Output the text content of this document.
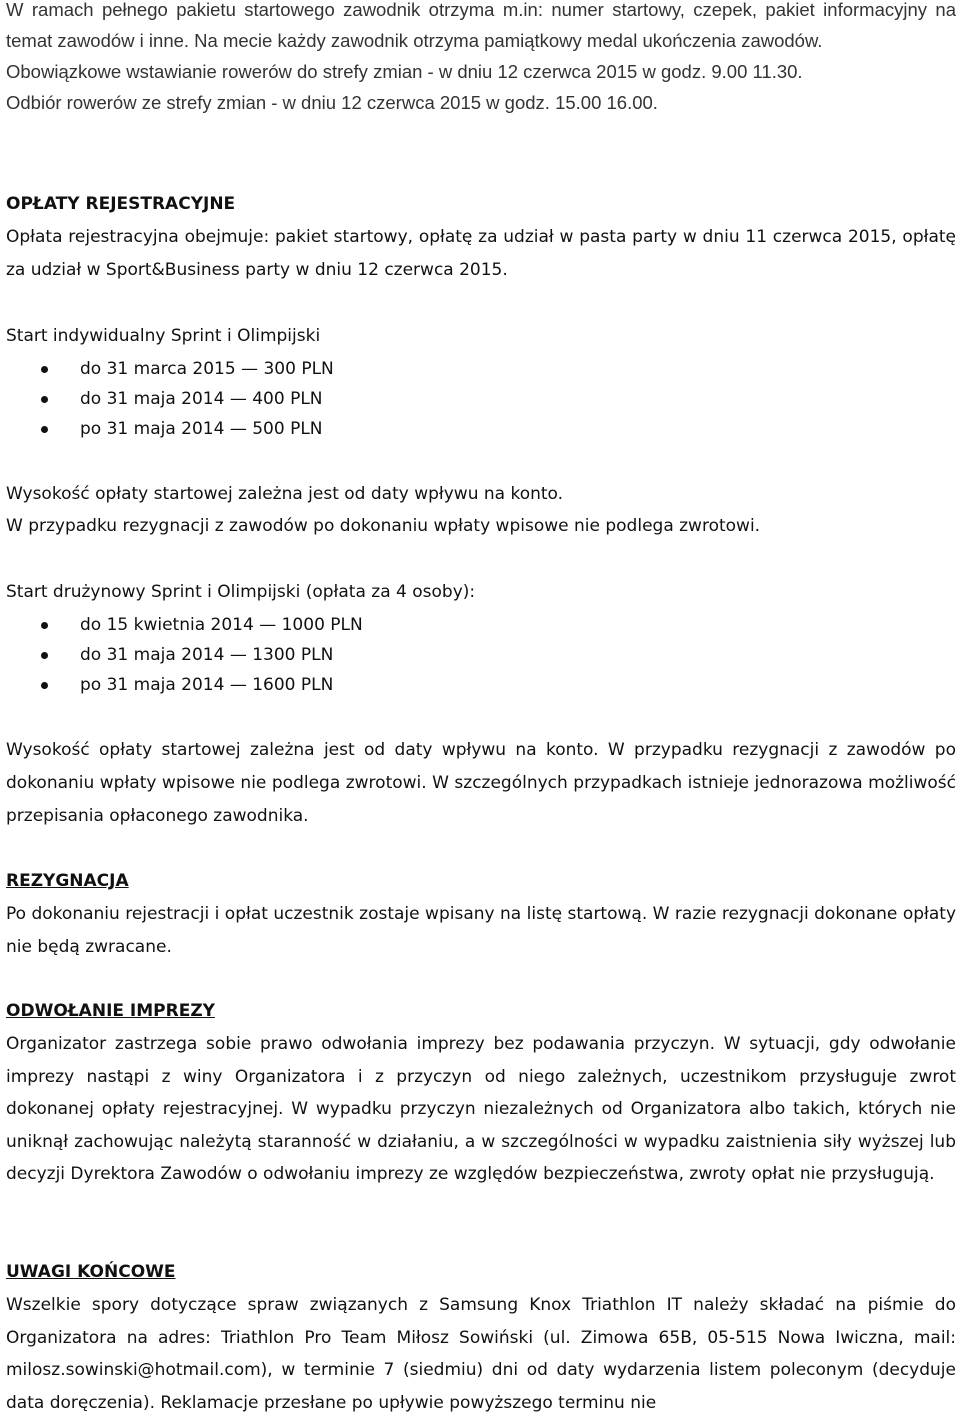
W ramach pełnego pakietu startowego zawodnik otrzyma m.in: numer startowy, czepek, pakiet informacyjny na temat zawodów i inne. Na mecie każdy zawodnik otrzyma pamiątkowy medal ukończenia zawodów.

Obowiązkowe wstawianie rowerów do strefy zmian - w dniu 12 czerwca 2015 w godz. 9.00 11.30.

Odbiór rowerów ze strefy zmian - w dniu 12 czerwca 2015 w godz. 15.00 16.00.

OPŁATY REJESTRACYJNE

Opłata rejestracyjna obejmuje: pakiet startowy, opłatę za udział w pasta party w dniu 11 czerwca 2015, opłatę za udział w Sport&Business party w dniu 12 czerwca 2015.

Start indywidualny Sprint i Olimpijski

do 31 marca 2015 — 300 PLN
do 31 maja 2014 — 400 PLN
po 31 maja 2014 — 500 PLN

Wysokość opłaty startowej zależna jest od daty wpływu na konto.

W przypadku rezygnacji z zawodów po dokonaniu wpłaty wpisowe nie podlega zwrotowi.

Start drużynowy Sprint i Olimpijski (opłata za 4 osoby):

do 15 kwietnia 2014 — 1000 PLN
do 31 maja 2014 — 1300 PLN
po 31 maja 2014 — 1600 PLN

Wysokość opłaty startowej zależna jest od daty wpływu na konto. W przypadku rezygnacji z zawodów po dokonaniu wpłaty wpisowe nie podlega zwrotowi. W szczególnych przypadkach istnieje jednorazowa możliwość przepisania opłaconego zawodnika.

REZYGNACJA

Po dokonaniu rejestracji i opłat uczestnik zostaje wpisany na listę startową. W razie rezygnacji dokonane opłaty nie będą zwracane.

ODWOŁANIE IMPREZY

Organizator zastrzega sobie prawo odwołania imprezy bez podawania przyczyn. W sytuacji, gdy odwołanie imprezy nastąpi z winy Organizatora i z przyczyn od niego zależnych, uczestnikom przysługuje zwrot dokonanej opłaty rejestracyjnej. W wypadku przyczyn niezależnych od Organizatora albo takich, których nie uniknął zachowując należytą staranność w działaniu, a w szczególności w wypadku zaistnienia siły wyższej lub decyzji Dyrektora Zawodów o odwołaniu imprezy ze względów bezpieczeństwa, zwroty opłat nie przysługują.

UWAGI KOŃCOWE

Wszelkie spory dotyczące spraw związanych z Samsung Knox Triathlon IT należy składać na piśmie do Organizatora na adres: Triathlon Pro Team Miłosz Sowiński (ul. Zimowa 65B, 05-515 Nowa Iwiczna, mail: milosz.sowinski@hotmail.com), w terminie 7 (siedmiu) dni od daty wydarzenia listem poleconym (decyduje data doręczenia). Reklamacje przesłane po upływie powyższego terminu nie
